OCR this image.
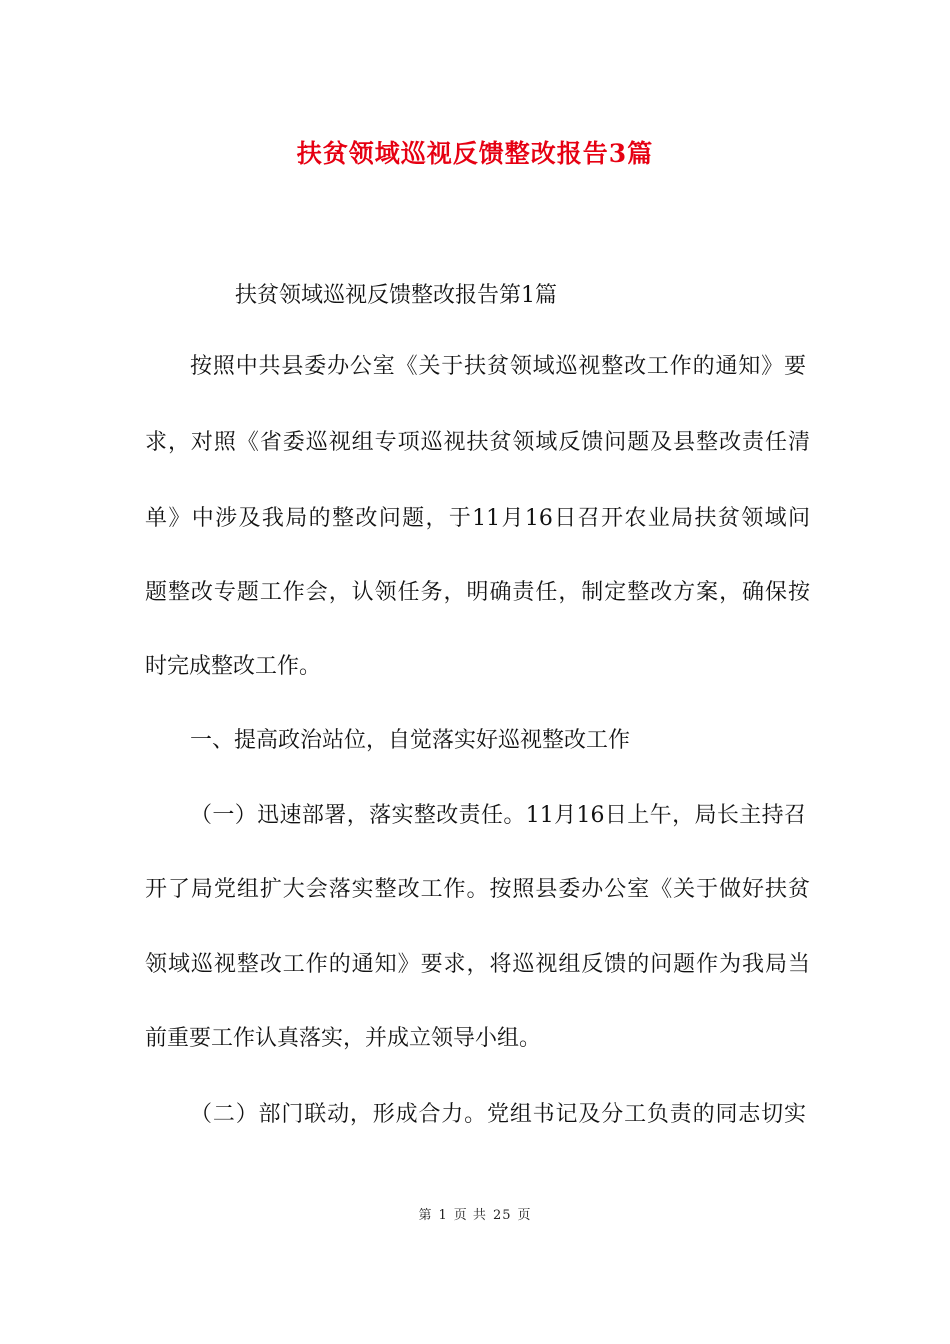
扶贫领域巡视反馈整改报告3篇
扶贫领域巡视反馈整改报告第1篇
按照中共县委办公室《关于扶贫领域巡视整改工作的通知》要
求，对照《省委巡视组专项巡视扶贫领域反馈问题及县整改责任清
单》中涉及我局的整改问题，于11月16日召开农业局扶贫领域问
题整改专题工作会，认领任务，明确责任，制定整改方案，确保按
时完成整改工作。
一、提高政治站位，自觉落实好巡视整改工作
（一）迅速部署，落实整改责任。11月16日上午，局长主持召
开了局党组扩大会落实整改工作。按照县委办公室《关于做好扶贫
领域巡视整改工作的通知》要求，将巡视组反馈的问题作为我局当
前重要工作认真落实，并成立领导小组。
（二）部门联动，形成合力。党组书记及分工负责的同志切实
第 1 页 共 25 页
